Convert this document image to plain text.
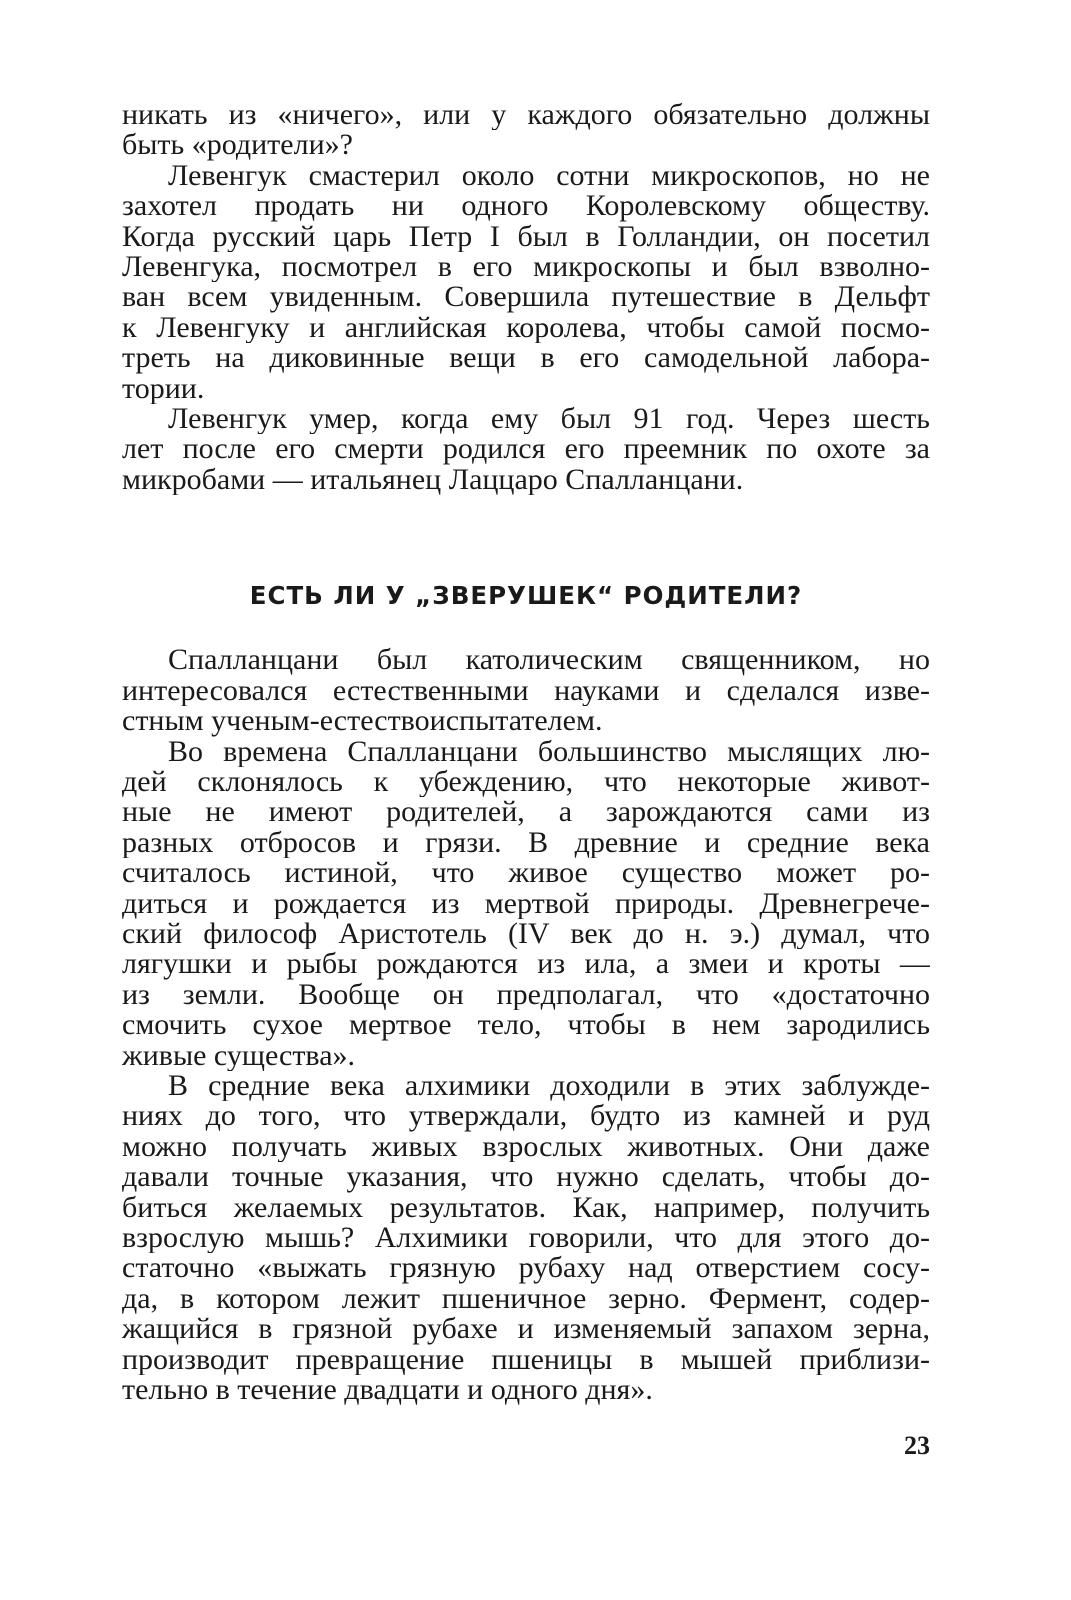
никать из «ничего», или у каждого обязательно должны
быть «родители»?
Левенгук смастерил около сотни микроскопов, но не
захотел продать ни одного Королевскому обществу.
Когда русский царь Петр I был в Голландии, он посетил
Левенгука, посмотрел в его микроскопы и был взволно-
ван всем увиденным. Совершила путешествие в Дельфт
к Левенгуку и английская королева, чтобы самой посмо-
треть на диковинные вещи в его самодельной лабора-
тории.
Левенгук умер, когда ему был 91 год. Через шесть
лет после его смерти родился его преемник по охоте за
микробами — итальянец Лаццаро Спалланцани.
ЕСТЬ ЛИ У „ЗВЕРУШЕК“ РОДИТЕЛИ?
Спалланцани был католическим священником, но
интересовался естественными науками и сделался изве-
стным ученым-естествоиспытателем.
Во времена Спалланцани большинство мыслящих лю-
дей склонялось к убеждению, что некоторые живот-
ные не имеют родителей, а зарождаются сами из
разных отбросов и грязи. В древние и средние века
считалось истиной, что живое существо может ро-
диться и рождается из мертвой природы. Древнегрече-
ский философ Аристотель (IV век до н. э.) думал, что
лягушки и рыбы рождаются из ила, а змеи и кроты —
из земли. Вообще он предполагал, что «достаточно
смочить сухое мертвое тело, чтобы в нем зародились
живые существа».
В средние века алхимики доходили в этих заблужде-
ниях до того, что утверждали, будто из камней и руд
можно получать живых взрослых животных. Они даже
давали точные указания, что нужно сделать, чтобы до-
биться желаемых результатов. Как, например, получить
взрослую мышь? Алхимики говорили, что для этого до-
статочно «выжать грязную рубаху над отверстием сосу-
да, в котором лежит пшеничное зерно. Фермент, содер-
жащийся в грязной рубахе и изменяемый запахом зерна,
производит превращение пшеницы в мышей приблизи-
тельно в течение двадцати и одного дня».
23
